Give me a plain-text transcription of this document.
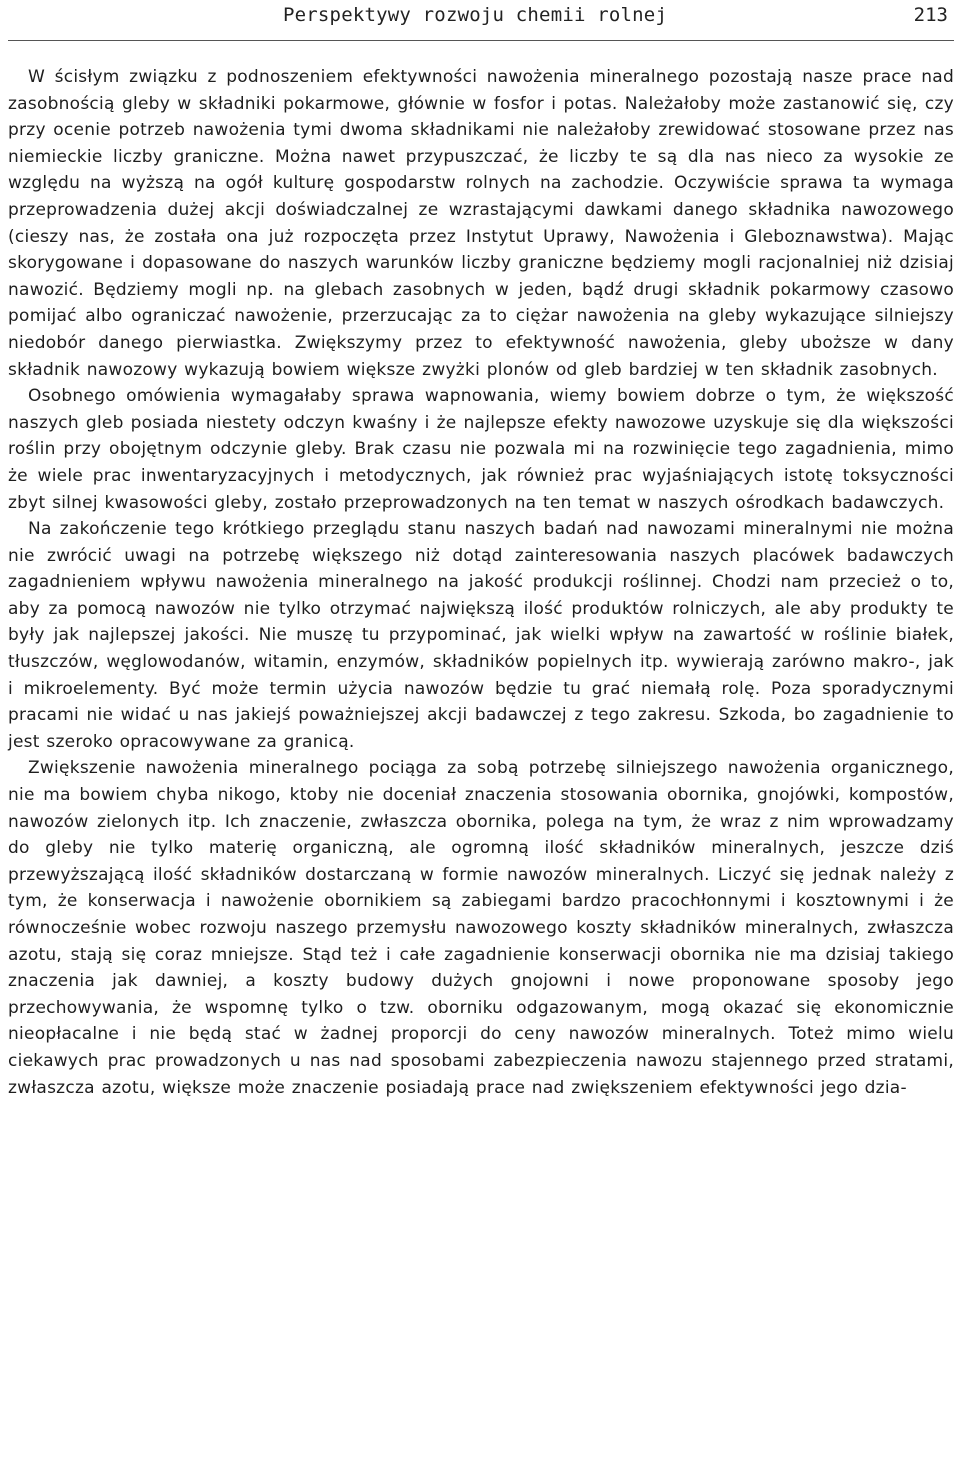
Perspektywy rozwoju chemii rolnej	213

W ścisłym związku z podnoszeniem efektywności nawożenia mineralnego pozostają nasze prace nad zasobnością gleby w składniki pokarmowe, głównie w fosfor i potas. Należałoby może zastanowić się, czy przy ocenie potrzeb nawożenia tymi dwoma składnikami nie należałoby zrewidować stosowane przez nas niemieckie liczby graniczne. Można nawet przypuszczać, że liczby te są dla nas nieco za wysokie ze względu na wyższą na ogół kulturę gospodarstw rolnych na zachodzie. Oczywiście sprawa ta wymaga przeprowadzenia dużej akcji doświadczalnej ze wzrastającymi dawkami danego składnika nawozowego (cieszy nas, że została ona już rozpoczęta przez Instytut Uprawy, Nawożenia i Gleboznawstwa). Mając skorygowane i dopasowane do naszych warunków liczby graniczne będziemy mogli racjonalniej niż dzisiaj nawozić. Będziemy mogli np. na glebach zasobnych w jeden, bądź drugi składnik pokarmowy czasowo pomijać albo ograniczać nawożenie, przerzucając za to ciężar nawożenia na gleby wykazujące silniejszy niedobór danego pierwiastka. Zwiększymy przez to efektywność nawożenia, gleby uboższe w dany składnik nawozowy wykazują bowiem większe zwyżki plonów od gleb bardziej w ten składnik zasobnych.

Osobnego omówienia wymagałaby sprawa wapnowania, wiemy bowiem dobrze o tym, że większość naszych gleb posiada niestety odczyn kwaśny i że najlepsze efekty nawozowe uzyskuje się dla większości roślin przy obojętnym odczynie gleby. Brak czasu nie pozwala mi na rozwinięcie tego zagadnienia, mimo że wiele prac inwentaryzacyjnych i metodycznych, jak również prac wyjaśniających istotę toksyczności zbyt silnej kwasowości gleby, zostało przeprowadzonych na ten temat w naszych ośrodkach badawczych.

Na zakończenie tego krótkiego przeglądu stanu naszych badań nad nawozami mineralnymi nie można nie zwrócić uwagi na potrzebę większego niż dotąd zainteresowania naszych placówek badawczych zagadnieniem wpływu nawożenia mineralnego na jakość produkcji roślinnej. Chodzi nam przecież o to, aby za pomocą nawozów nie tylko otrzymać największą ilość produktów rolniczych, ale aby produkty te były jak najlepszej jakości. Nie muszę tu przypominać, jak wielki wpływ na zawartość w roślinie białek, tłuszczów, węglowodanów, witamin, enzymów, składników popielnych itp. wywierają zarówno makro-, jak i mikroelementy. Być może termin użycia nawozów będzie tu grać niemałą rolę. Poza sporadycznymi pracami nie widać u nas jakiejś poważniejszej akcji badawczej z tego zakresu. Szkoda, bo zagadnienie to jest szeroko opracowywane za granicą.

Zwiększenie nawożenia mineralnego pociąga za sobą potrzebę silniejszego nawożenia organicznego, nie ma bowiem chyba nikogo, ktoby nie doceniał znaczenia stosowania obornika, gnojówki, kompostów, nawozów zielonych itp. Ich znaczenie, zwłaszcza obornika, polega na tym, że wraz z nim wprowadzamy do gleby nie tylko materię organiczną, ale ogromną ilość składników mineralnych, jeszcze dziś przewyższającą ilość składników dostarczaną w formie nawozów mineralnych. Liczyć się jednak należy z tym, że konserwacja i nawożenie obornikiem są zabiegami bardzo pracochłonnymi i kosztownymi i że równocześnie wobec rozwoju naszego przemysłu nawozowego koszty składników mineralnych, zwłaszcza azotu, stają się coraz mniejsze. Stąd też i całe zagadnienie konserwacji obornika nie ma dzisiaj takiego znaczenia jak dawniej, a koszty budowy dużych gnojowni i nowe proponowane sposoby jego przechowywania, że wspomnę tylko o tzw. oborniku odgazowanym, mogą okazać się ekonomicznie nieopłacalne i nie będą stać w żadnej proporcji do ceny nawozów mineralnych. Toteż mimo wielu ciekawych prac prowadzonych u nas nad sposobami zabezpieczenia nawozu stajennego przed stratami, zwłaszcza azotu, większe może znaczenie posiadają prace nad zwiększeniem efektywności jego dzia-
